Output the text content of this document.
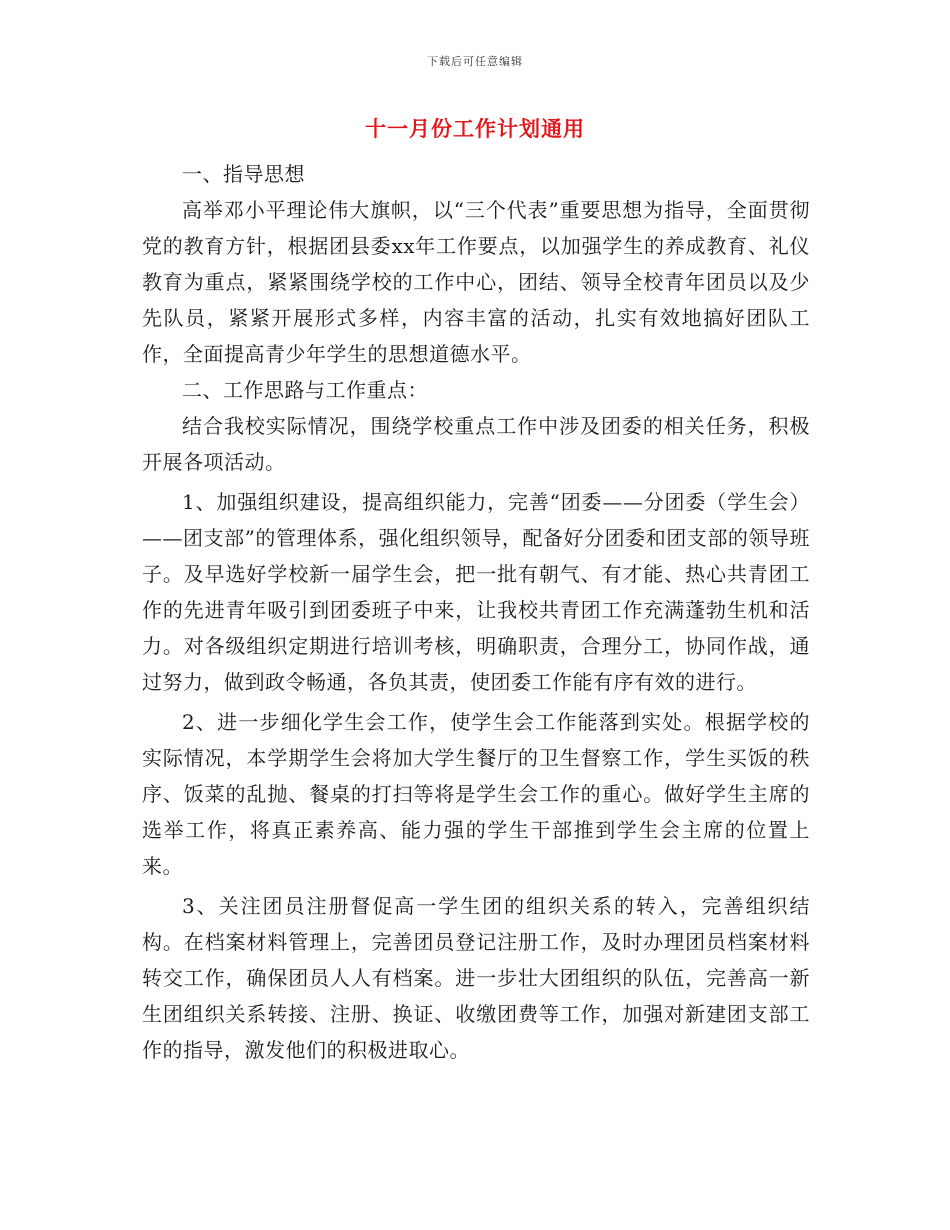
下载后可任意编辑
十一月份工作计划通用

一、指导思想

高举邓小平理论伟大旗帜，以“三个代表”重要思想为指导，全面贯彻党的教育方针，根据团县委xx年工作要点，以加强学生的养成教育、礼仪教育为重点，紧紧围绕学校的工作中心，团结、领导全校青年团员以及少先队员，紧紧开展形式多样，内容丰富的活动，扎实有效地搞好团队工作，全面提高青少年学生的思想道德水平。

二、工作思路与工作重点：

结合我校实际情况，围绕学校重点工作中涉及团委的相关任务，积极开展各项活动。

1、加强组织建设，提高组织能力，完善“团委——分团委（学生会）——团支部”的管理体系，强化组织领导，配备好分团委和团支部的领导班子。及早选好学校新一届学生会，把一批有朝气、有才能、热心共青团工作的先进青年吸引到团委班子中来，让我校共青团工作充满蓬勃生机和活力。对各级组织定期进行培训考核，明确职责，合理分工，协同作战，通过努力，做到政令畅通，各负其责，使团委工作能有序有效的进行。

2、进一步细化学生会工作，使学生会工作能落到实处。根据学校的实际情况，本学期学生会将加大学生餐厅的卫生督察工作，学生买饭的秩序、饭菜的乱抛、餐桌的打扫等将是学生会工作的重心。做好学生主席的选举工作，将真正素养高、能力强的学生干部推到学生会主席的位置上来。

3、关注团员注册督促高一学生团的组织关系的转入，完善组织结构。在档案材料管理上，完善团员登记注册工作，及时办理团员档案材料转交工作，确保团员人人有档案。进一步壮大团组织的队伍，完善高一新生团组织关系转接、注册、换证、收缴团费等工作，加强对新建团支部工作的指导，激发他们的积极进取心。
